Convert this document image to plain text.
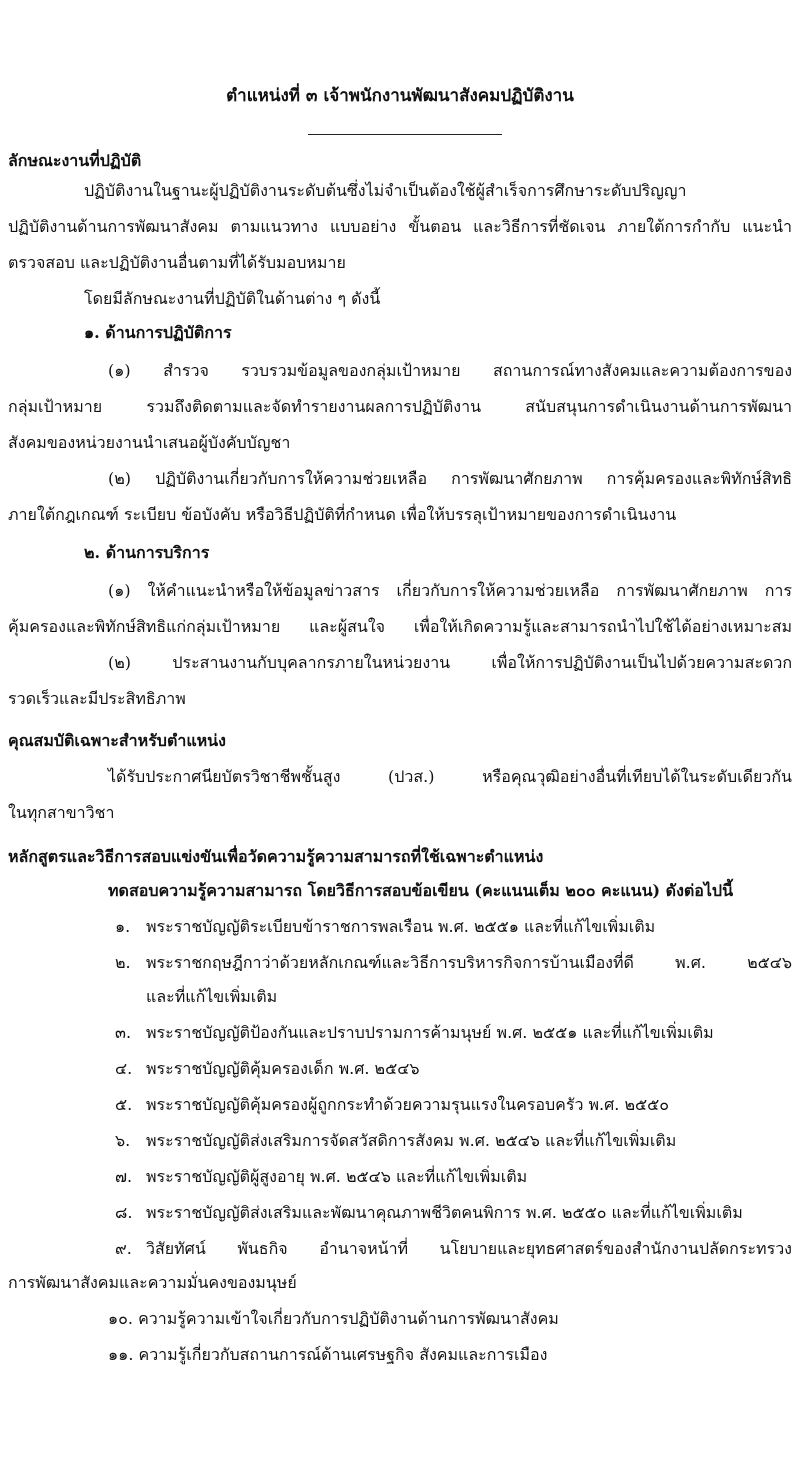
ตำแหน่งที่ ๓ เจ้าพนักงานพัฒนาสังคมปฏิบัติงาน
ลักษณะงานที่ปฏิบัติ
ปฏิบัติงานในฐานะผู้ปฏิบัติงานระดับต้นซึ่งไม่จำเป็นต้องใช้ผู้สำเร็จการศึกษาระดับปริญญา
ปฏิบัติงานด้านการพัฒนาสังคม ตามแนวทาง แบบอย่าง ขั้นตอน และวิธีการที่ชัดเจน ภายใต้การกำกับ แนะนำ
ตรวจสอบ และปฏิบัติงานอื่นตามที่ได้รับมอบหมาย
โดยมีลักษณะงานที่ปฏิบัติในด้านต่าง ๆ ดังนี้
๑. ด้านการปฏิบัติการ
(๑) สำรวจ รวบรวมข้อมูลของกลุ่มเป้าหมาย สถานการณ์ทางสังคมและความต้องการของ
กลุ่มเป้าหมาย รวมถึงติดตามและจัดทำรายงานผลการปฏิบัติงาน สนับสนุนการดำเนินงานด้านการพัฒนา
สังคมของหน่วยงานนำเสนอผู้บังคับบัญชา
(๒) ปฏิบัติงานเกี่ยวกับการให้ความช่วยเหลือ การพัฒนาศักยภาพ การคุ้มครองและพิทักษ์สิทธิ
ภายใต้กฎเกณฑ์ ระเบียบ ข้อบังคับ หรือวิธีปฏิบัติที่กำหนด เพื่อให้บรรลุเป้าหมายของการดำเนินงาน
๒. ด้านการบริการ
(๑) ให้คำแนะนำหรือให้ข้อมูลข่าวสาร เกี่ยวกับการให้ความช่วยเหลือ การพัฒนาศักยภาพ การ
คุ้มครองและพิทักษ์สิทธิแก่กลุ่มเป้าหมาย และผู้สนใจ เพื่อให้เกิดความรู้และสามารถนำไปใช้ได้อย่างเหมาะสม
(๒) ประสานงานกับบุคลากรภายในหน่วยงาน เพื่อให้การปฏิบัติงานเป็นไปด้วยความสะดวก
รวดเร็วและมีประสิทธิภาพ
คุณสมบัติเฉพาะสำหรับตำแหน่ง
ได้รับประกาศนียบัตรวิชาชีพชั้นสูง (ปวส.) หรือคุณวุฒิอย่างอื่นที่เทียบได้ในระดับเดียวกัน
ในทุกสาขาวิชา
หลักสูตรและวิธีการสอบแข่งขันเพื่อวัดความรู้ความสามารถที่ใช้เฉพาะตำแหน่ง
ทดสอบความรู้ความสามารถ โดยวิธีการสอบข้อเขียน (คะแนนเต็ม ๒๐๐ คะแนน) ดังต่อไปนี้
๑. พระราชบัญญัติระเบียบข้าราชการพลเรือน พ.ศ. ๒๕๕๑ และที่แก้ไขเพิ่มเติม
๒. พระราชกฤษฎีกาว่าด้วยหลักเกณฑ์และวิธีการบริหารกิจการบ้านเมืองที่ดี พ.ศ. ๒๕๔๖
และที่แก้ไขเพิ่มเติม
๓. พระราชบัญญัติป้องกันและปราบปรามการค้ามนุษย์ พ.ศ. ๒๕๕๑ และที่แก้ไขเพิ่มเติม
๔. พระราชบัญญัติคุ้มครองเด็ก พ.ศ. ๒๕๔๖
๕. พระราชบัญญัติคุ้มครองผู้ถูกกระทำด้วยความรุนแรงในครอบครัว พ.ศ. ๒๕๕๐
๖. พระราชบัญญัติส่งเสริมการจัดสวัสดิการสังคม พ.ศ. ๒๕๔๖ และที่แก้ไขเพิ่มเติม
๗. พระราชบัญญัติผู้สูงอายุ พ.ศ. ๒๕๔๖ และที่แก้ไขเพิ่มเติม
๘. พระราชบัญญัติส่งเสริมและพัฒนาคุณภาพชีวิตคนพิการ พ.ศ. ๒๕๕๐ และที่แก้ไขเพิ่มเติม
๙. วิสัยทัศน์ พันธกิจ อำนาจหน้าที่ นโยบายและยุทธศาสตร์ของสำนักงานปลัดกระทรวง
การพัฒนาสังคมและความมั่นคงของมนุษย์
๑๐. ความรู้ความเข้าใจเกี่ยวกับการปฏิบัติงานด้านการพัฒนาสังคม
๑๑. ความรู้เกี่ยวกับสถานการณ์ด้านเศรษฐกิจ สังคมและการเมือง
